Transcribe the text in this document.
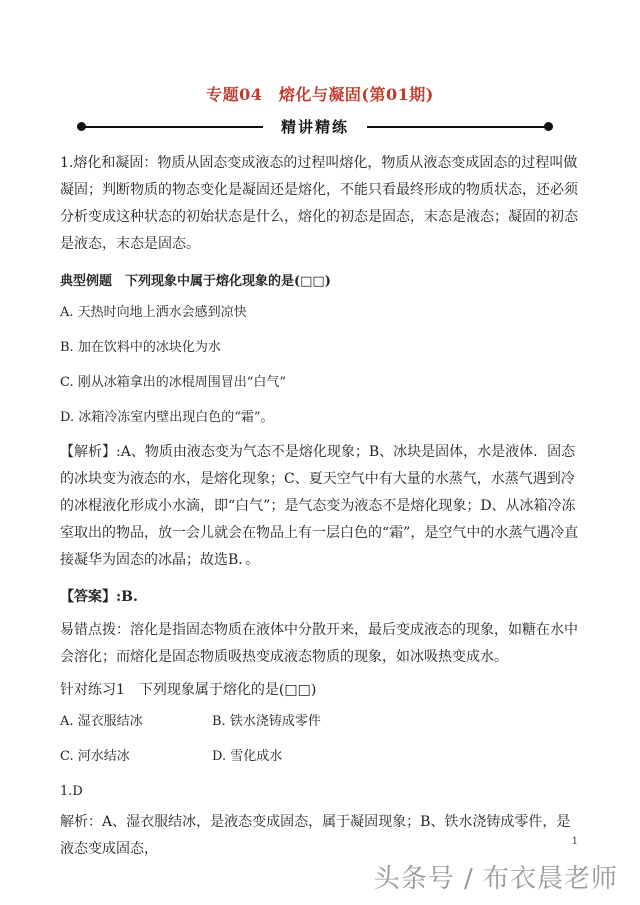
专题04　熔化与凝固(第01期)
精讲精练

1.熔化和凝固：物质从固态变成液态的过程叫熔化，物质从液态变成固态的过程叫做凝固；判断物质的物态变化是凝固还是熔化，不能只看最终形成的物质状态，还必须分析变成这种状态的初始状态是什么，熔化的初态是固态，末态是液态；凝固的初态是液态，末态是固态。

典型例题　下列现象中属于熔化现象的是(□□)

A. 天热时向地上洒水会感到凉快

B. 加在饮料中的冰块化为水

C. 刚从冰箱拿出的冰棍周围冒出“白气”

D. 冰箱冷冻室内壁出现白色的“霜”。

【解析】:A、物质由液态变为气态不是熔化现象；B、冰块是固体，水是液体．固态的冰块变为液态的水，是熔化现象；C、夏天空气中有大量的水蒸气，水蒸气遇到冷的冰棍液化形成小水滴，即“白气”；是气态变为液态不是熔化现象；D、从冰箱冷冻室取出的物品，放一会儿就会在物品上有一层白色的“霜”，是空气中的水蒸气遇冷直接凝华为固态的冰晶；故选B．。

【答案】:B.

易错点拨：溶化是指固态物质在液体中分散开来，最后变成液态的现象，如糖在水中会溶化；而熔化是固态物质吸热变成液态物质的现象，如冰吸热变成水。

针对练习1　下列现象属于熔化的是(□□)

A. 湿衣服结冰	B. 铁水浇铸成零件

C. 河水结冰	D. 雪化成水

1.D

解析：A、湿衣服结冰，是液态变成固态，属于凝固现象；B、铁水浇铸成零件，是液态变成固态，	1
头条号 / 布衣晨老师
